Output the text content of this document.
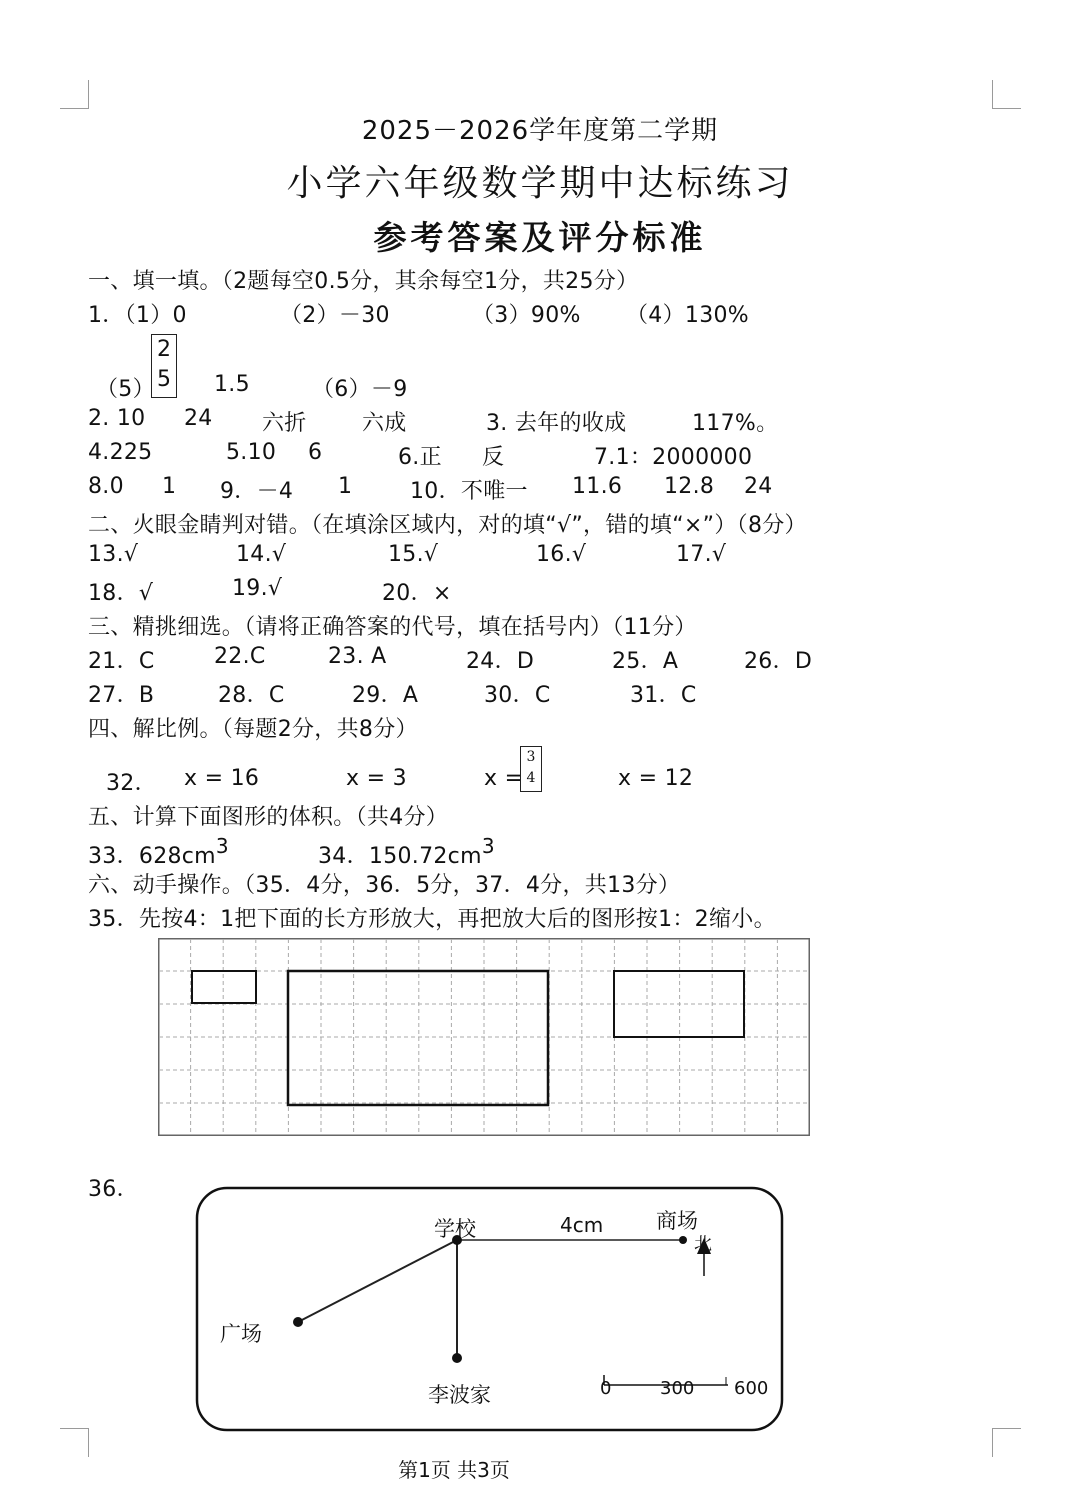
2025－2026学年度第二学期
小学六年级数学期中达标练习
参考答案及评分标准
一、填一填。（2题每空0.5分，其余每空1分，共25分）
1．（1）0	（2）－30	（3）90% （4）130%
（5）
2
5 1.5	（6）－9
2. 10 24 六折	六成	3. 去年的收成	117%。
4.225	5.10 6	6.正 反	7.1：2000000
8.0 1 9．－4 1	10．不唯一 11.6 12.8 24
二、火眼金睛判对错。（在填涂区域内，对的填“√”，错的填“×”）（8分）
13.√	14.√	15.√	16.√	17.√
18．√	19.√	20．×
三、精挑细选。（请将正确答案的代号，填在括号内）（11分）
21．C	22.C	23. A	24．D	25．A	26．D
27．B	28．C	29．A	30．C	31．C
四、解比例。（每题2分，共8分）
32． x = 16	x = 3	x =
3
4	x = 12
五、计算下面图形的体积。（共4分）
33．$628cm^3$	34．$150.72cm^3$
六、动手操作。（35．4分，36．5分，37．4分，共13分）
35．先按4：1把下面的长方形放大，再把放大后的图形按1：2缩小。
36．
学校	4cm	商场
广场
李波家
北
0	300 600
第1页 共3页
